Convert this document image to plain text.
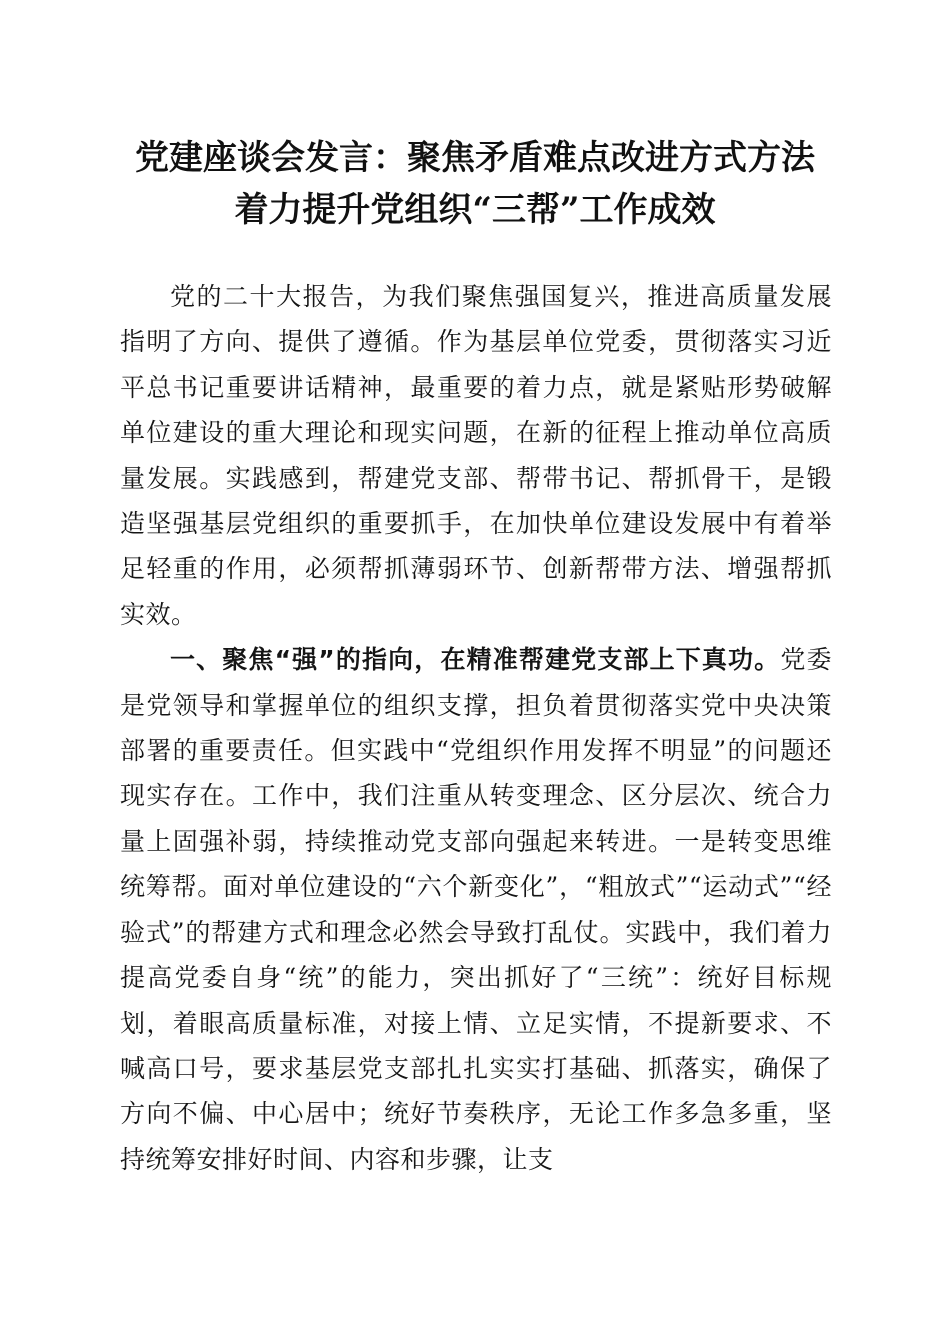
党建座谈会发言：聚焦矛盾难点改进方式方法
着力提升党组织“三帮”工作成效

党的二十大报告，为我们聚焦强国复兴，推进高质量发展指明了方向、提供了遵循。作为基层单位党委，贯彻落实习近平总书记重要讲话精神，最重要的着力点，就是紧贴形势破解单位建设的重大理论和现实问题，在新的征程上推动单位高质量发展。实践感到，帮建党支部、帮带书记、帮抓骨干，是锻造坚强基层党组织的重要抓手，在加快单位建设发展中有着举足轻重的作用，必须帮抓薄弱环节、创新帮带方法、增强帮抓实效。

一、聚焦“强”的指向，在精准帮建党支部上下真功。党委是党领导和掌握单位的组织支撑，担负着贯彻落实党中央决策部署的重要责任。但实践中“党组织作用发挥不明显”的问题还现实存在。工作中，我们注重从转变理念、区分层次、统合力量上固强补弱，持续推动党支部向强起来转进。一是转变思维统筹帮。面对单位建设的“六个新变化”，“粗放式”“运动式”“经验式”的帮建方式和理念必然会导致打乱仗。实践中，我们着力提高党委自身“统”的能力，突出抓好了“三统”：统好目标规划，着眼高质量标准，对接上情、立足实情，不提新要求、不喊高口号，要求基层党支部扎扎实实打基础、抓落实，确保了方向不偏、中心居中；统好节奏秩序，无论工作多急多重，坚持统筹安排好时间、内容和步骤，让支
